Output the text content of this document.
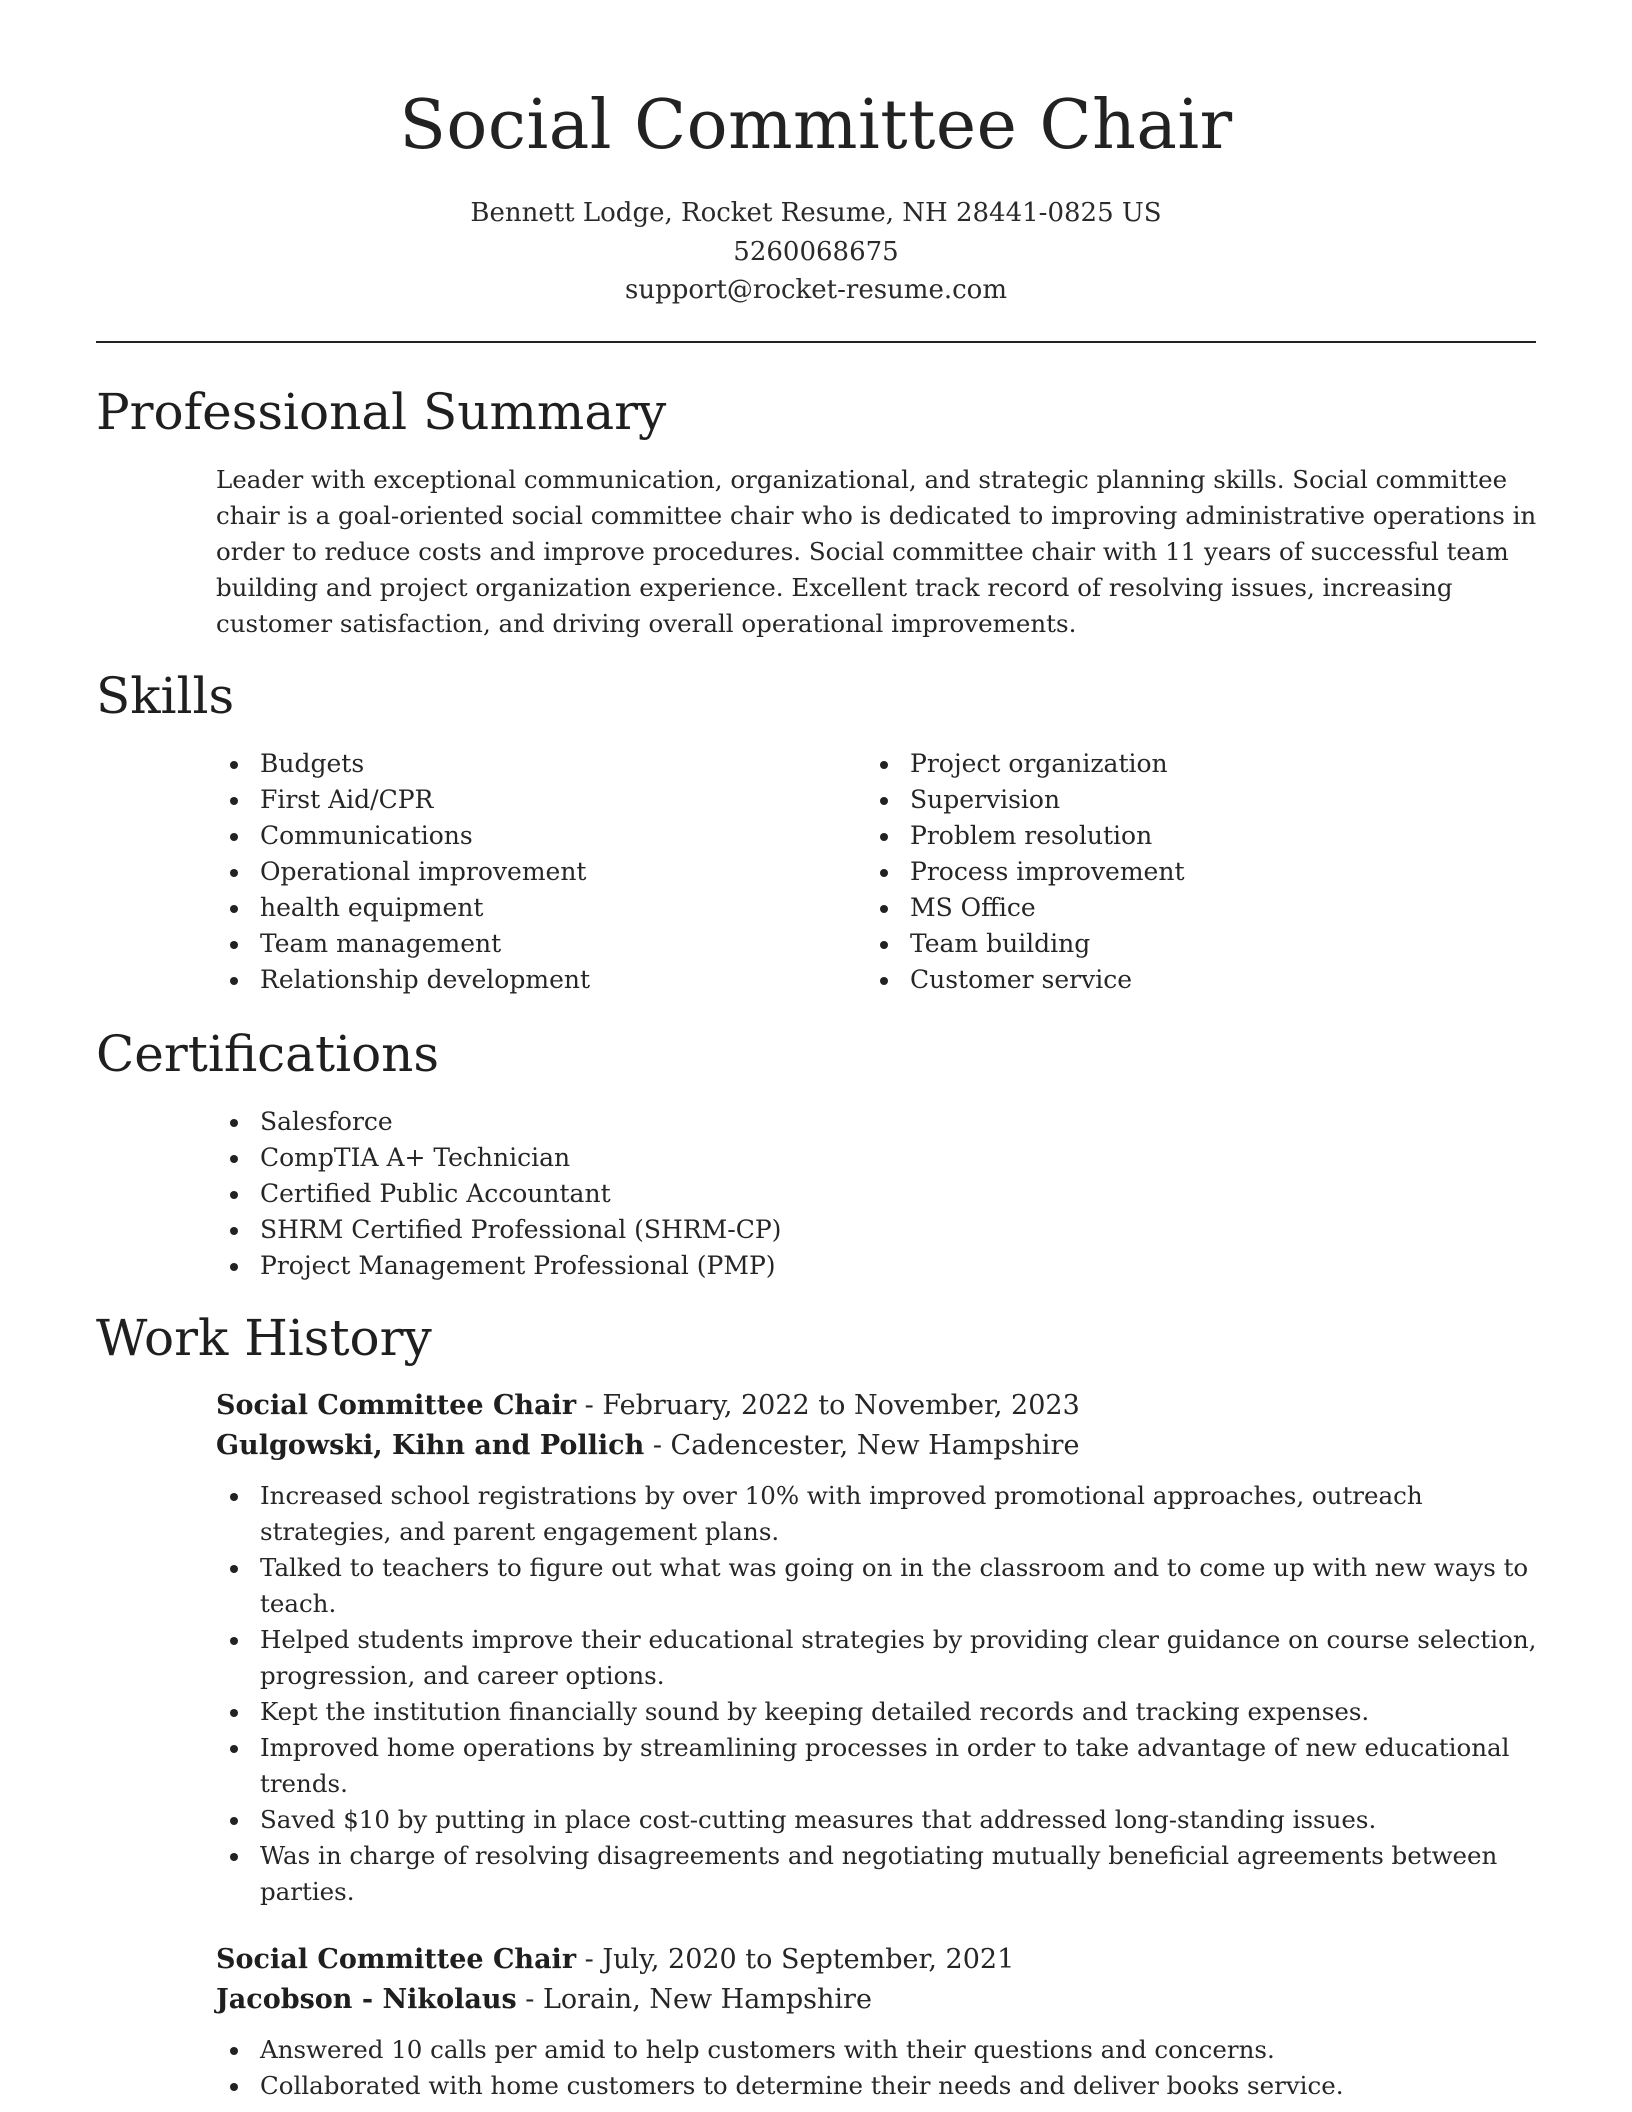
Social Committee Chair
Bennett Lodge, Rocket Resume, NH 28441-0825 US
5260068675
support@rocket-resume.com
Professional Summary

Leader with exceptional communication, organizational, and strategic planning skills. Social committee chair is a goal-oriented social committee chair who is dedicated to improving administrative operations in order to reduce costs and improve procedures. Social committee chair with 11 years of successful team building and project organization experience. Excellent track record of resolving issues, increasing customer satisfaction, and driving overall operational improvements.

Skills
Budgets
First Aid/CPR
Communications
Operational improvement
health equipment
Team management
Relationship development
Project organization
Supervision
Problem resolution
Process improvement
MS Office
Team building
Customer service
Certifications
Salesforce
CompTIA A+ Technician
Certified Public Accountant
SHRM Certified Professional (SHRM-CP)
Project Management Professional (PMP)
Work History
Social Committee Chair - February, 2022 to November, 2023
Gulgowski, Kihn and Pollich - Cadencester, New Hampshire
Increased school registrations by over 10% with improved promotional approaches, outreach strategies, and parent engagement plans.
Talked to teachers to figure out what was going on in the classroom and to come up with new ways to teach.
Helped students improve their educational strategies by providing clear guidance on course selection, progression, and career options.
Kept the institution financially sound by keeping detailed records and tracking expenses.
Improved home operations by streamlining processes in order to take advantage of new educational trends.
Saved $10 by putting in place cost-cutting measures that addressed long-standing issues.
Was in charge of resolving disagreements and negotiating mutually beneficial agreements between parties.
Social Committee Chair - July, 2020 to September, 2021
Jacobson - Nikolaus - Lorain, New Hampshire
Answered 10 calls per amid to help customers with their questions and concerns.
Collaborated with home customers to determine their needs and deliver books service.
